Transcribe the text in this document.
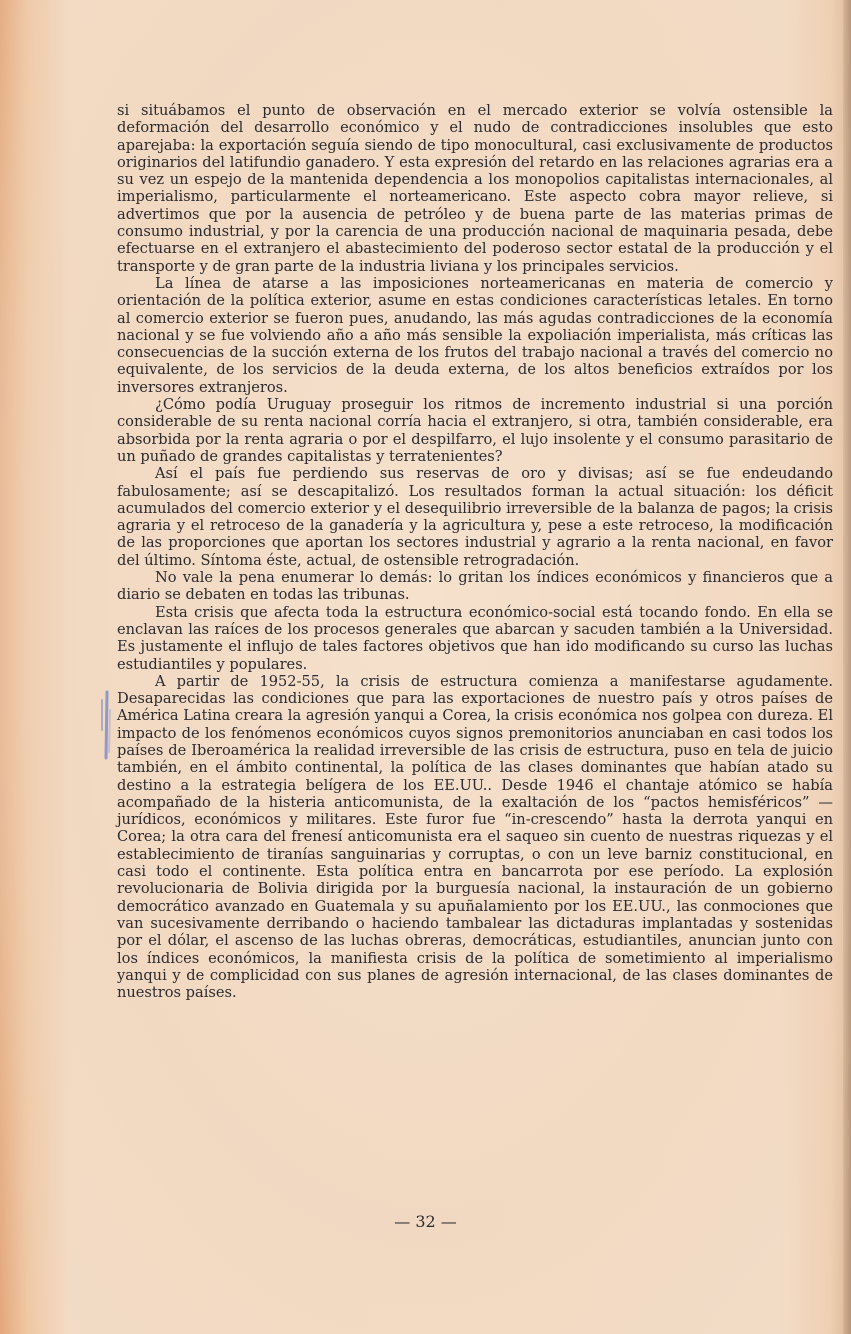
si situábamos el punto de observación en el mercado exterior se volvía ostensible la deformación del desarrollo económico y el nudo de contradicciones insolubles que esto aparejaba: la exportación seguía siendo de tipo monocultural, casi exclusivamente de productos originarios del latifundio ganadero. Y esta expresión del retardo en las relaciones agrarias era a su vez un espejo de la mantenida dependencia a los monopolios capitalistas internacionales, al imperialismo, particularmente el norteamericano. Este aspecto cobra mayor relieve, si advertimos que por la ausencia de petróleo y de buena parte de las materias primas de consumo industrial, y por la carencia de una producción nacional de maquinaria pesada, debe efectuarse en el extranjero el abastecimiento del poderoso sector estatal de la producción y el transporte y de gran parte de la industria liviana y los principales servicios.

La línea de atarse a las imposiciones norteamericanas en materia de comercio y orientación de la política exterior, asume en estas condiciones características letales. En torno al comercio exterior se fueron pues, anudando, las más agudas contradicciones de la economía nacional y se fue volviendo año a año más sensible la expoliación imperialista, más críticas las consecuencias de la succión externa de los frutos del trabajo nacional a través del comercio no equivalente, de los servicios de la deuda externa, de los altos beneficios extraídos por los inversores extranjeros.

¿Cómo podía Uruguay proseguir los ritmos de incremento industrial si una porción considerable de su renta nacional corría hacia el extranjero, si otra, también considerable, era absorbida por la renta agraria o por el despilfarro, el lujo insolente y el consumo parasitario de un puñado de grandes capitalistas y terratenientes?

Así el país fue perdiendo sus reservas de oro y divisas; así se fue endeudando fabulosamente; así se descapitalizó. Los resultados forman la actual situación: los déficit acumulados del comercio exterior y el desequilibrio irreversible de la balanza de pagos; la crisis agraria y el retroceso de la ganadería y la agricultura y, pese a este retroceso, la modificación de las proporciones que aportan los sectores industrial y agrario a la renta nacional, en favor del último. Síntoma éste, actual, de ostensible retrogradación.

No vale la pena enumerar lo demás: lo gritan los índices económicos y financieros que a diario se debaten en todas las tribunas.

Esta crisis que afecta toda la estructura económico-social está tocando fondo. En ella se enclavan las raíces de los procesos generales que abarcan y sacuden también a la Universidad. Es justamente el influjo de tales factores objetivos que han ido modificando su curso las luchas estudiantiles y populares.

A partir de 1952-55, la crisis de estructura comienza a manifestarse agudamente. Desaparecidas las condiciones que para las exportaciones de nuestro país y otros países de América Latina creara la agresión yanqui a Corea, la crisis económica nos golpea con dureza. El impacto de los fenómenos económicos cuyos signos premonitorios anunciaban en casi todos los países de Iberoamérica la realidad irreversible de las crisis de estructura, puso en tela de juicio también, en el ámbito continental, la política de las clases dominantes que habían atado su destino a la estrategia belígera de los EE.UU.. Desde 1946 el chantaje atómico se había acompañado de la histeria anticomunista, de la exaltación de los “pactos hemisféricos” —jurídicos, económicos y militares. Este furor fue “in-crescendo” hasta la derrota yanqui en Corea; la otra cara del frenesí anticomunista era el saqueo sin cuento de nuestras riquezas y el establecimiento de tiranías sanguinarias y corruptas, o con un leve barniz constitucional, en casi todo el continente. Esta política entra en bancarrota por ese período. La explosión revolucionaria de Bolivia dirigida por la burguesía nacional, la instauración de un gobierno democrático avanzado en Guatemala y su apuñalamiento por los EE.UU., las conmociones que van sucesivamente derribando o haciendo tambalear las dictaduras implantadas y sostenidas por el dólar, el ascenso de las luchas obreras, democráticas, estudiantiles, anuncian junto con los índices económicos, la manifiesta crisis de la política de sometimiento al imperialismo yanqui y de complicidad con sus planes de agresión internacional, de las clases dominantes de nuestros países.

— 32 —
